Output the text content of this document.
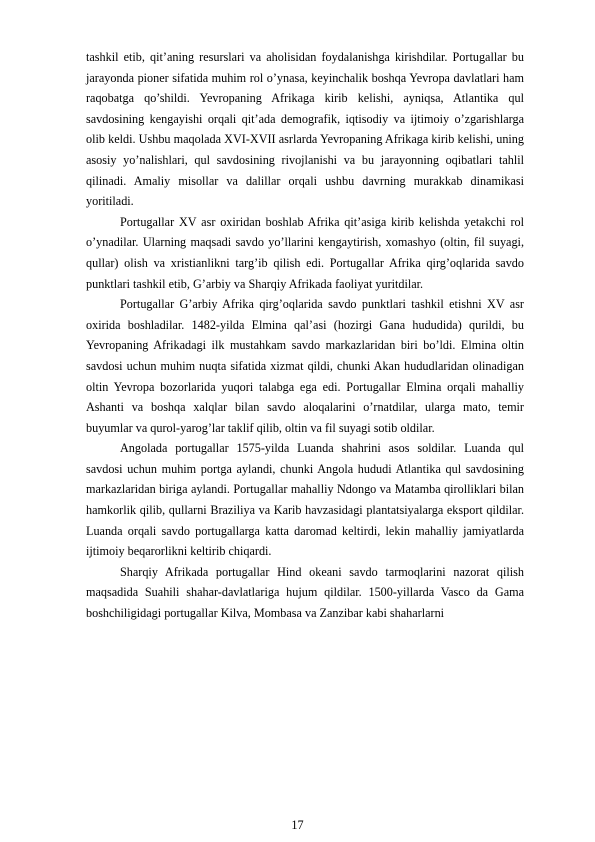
tashkil etib, qit’aning resurslari va aholisidan foydalanishga kirishdilar. Portugallar bu jarayonda pioner sifatida muhim rol o’ynasa, keyinchalik boshqa Yevropa davlatlari ham raqobatga qo’shildi. Yevropaning Afrikaga kirib kelishi, ayniqsa, Atlantika qul savdosining kengayishi orqali qit’ada demografik, iqtisodiy va ijtimoiy o’zgarishlarga olib keldi. Ushbu maqolada XVI-XVII asrlarda Yevropaning Afrikaga kirib kelishi, uning asosiy yo’nalishlari, qul savdosining rivojlanishi va bu jarayonning oqibatlari tahlil qilinadi. Amaliy misollar va dalillar orqali ushbu davrning murakkab dinamikasi yoritiladi.

Portugallar XV asr oxiridan boshlab Afrika qit’asiga kirib kelishda yetakchi rol o’ynadilar. Ularning maqsadi savdo yo’llarini kengaytirish, xomashyo (oltin, fil suyagi, qullar) olish va xristianlikni targ’ib qilish edi. Portugallar Afrika qirg’oqlarida savdo punktlari tashkil etib, G’arbiy va Sharqiy Afrikada faoliyat yuritdilar.

Portugallar G’arbiy Afrika qirg’oqlarida savdo punktlari tashkil etishni XV asr oxirida boshladilar. 1482-yilda Elmina qal’asi (hozirgi Gana hududida) qurildi, bu Yevropaning Afrikadagi ilk mustahkam savdo markazlaridan biri bo’ldi. Elmina oltin savdosi uchun muhim nuqta sifatida xizmat qildi, chunki Akan hududlaridan olinadigan oltin Yevropa bozorlarida yuqori talabga ega edi. Portugallar Elmina orqali mahalliy Ashanti va boshqa xalqlar bilan savdo aloqalarini o’rnatdilar, ularga mato, temir buyumlar va qurol-yarog’lar taklif qilib, oltin va fil suyagi sotib oldilar.

Angolada portugallar 1575-yilda Luanda shahrini asos soldilar. Luanda qul savdosi uchun muhim portga aylandi, chunki Angola hududi Atlantika qul savdosining markazlaridan biriga aylandi. Portugallar mahalliy Ndongo va Matamba qirolliklari bilan hamkorlik qilib, qullarni Braziliya va Karib havzasidagi plantatsiyalarga eksport qildilar. Luanda orqali savdo portugallarga katta daromad keltirdi, lekin mahalliy jamiyatlarda ijtimoiy beqarorlikni keltirib chiqardi.

Sharqiy Afrikada portugallar Hind okeani savdo tarmoqlarini nazorat qilish maqsadida Suahili shahar-davlatlariga hujum qildilar. 1500-yillarda Vasco da Gama boshchiligidagi portugallar Kilva, Mombasa va Zanzibar kabi shaharlarni

17
